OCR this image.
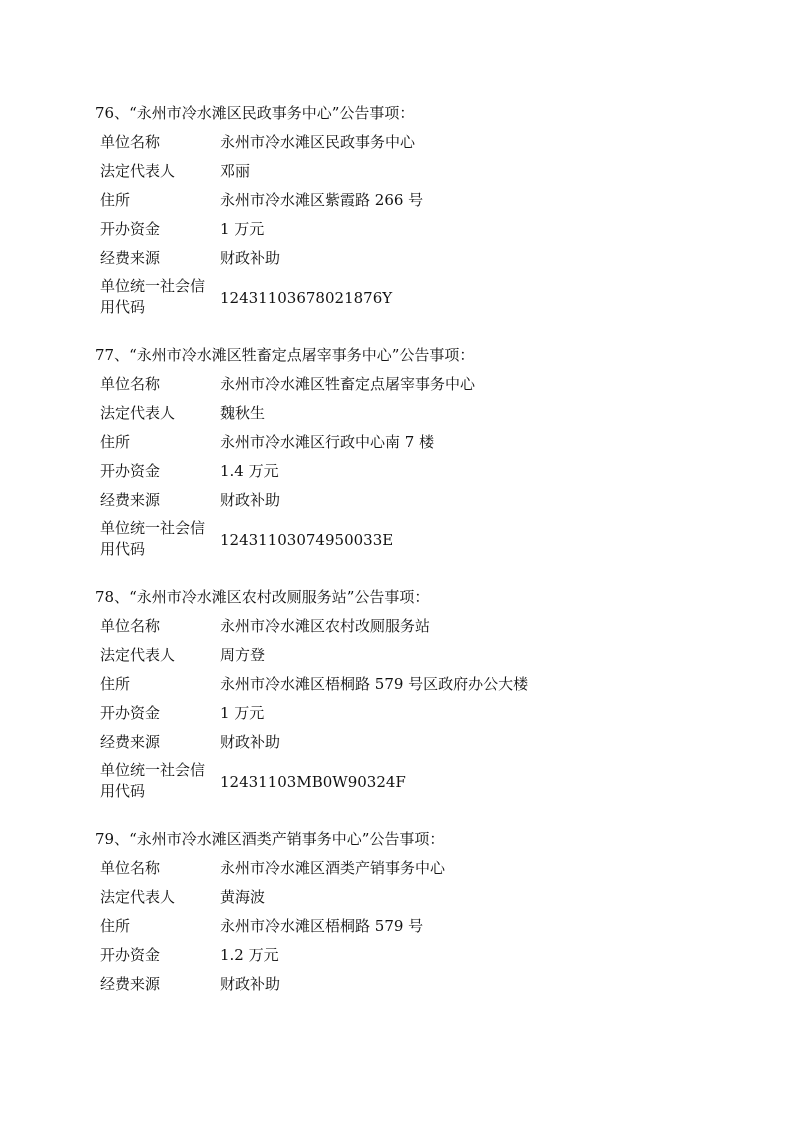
76、“永州市冷水滩区民政事务中心”公告事项：
单位名称	永州市冷水滩区民政事务中心
法定代表人	邓丽
住所	永州市冷水滩区紫霞路 266 号
开办资金	1 万元
经费来源	财政补助
单位统一社会信用代码	12431103678021876Y
77、“永州市冷水滩区牲畜定点屠宰事务中心”公告事项：
单位名称	永州市冷水滩区牲畜定点屠宰事务中心
法定代表人	魏秋生
住所	永州市冷水滩区行政中心南 7 楼
开办资金	1.4 万元
经费来源	财政补助
单位统一社会信用代码	12431103074950033E
78、“永州市冷水滩区农村改厕服务站”公告事项：
单位名称	永州市冷水滩区农村改厕服务站
法定代表人	周方登
住所	永州市冷水滩区梧桐路 579 号区政府办公大楼
开办资金	1 万元
经费来源	财政补助
单位统一社会信用代码	12431103MB0W90324F
79、“永州市冷水滩区酒类产销事务中心”公告事项：
单位名称	永州市冷水滩区酒类产销事务中心
法定代表人	黄海波
住所	永州市冷水滩区梧桐路 579 号
开办资金	1.2 万元
经费来源	财政补助
